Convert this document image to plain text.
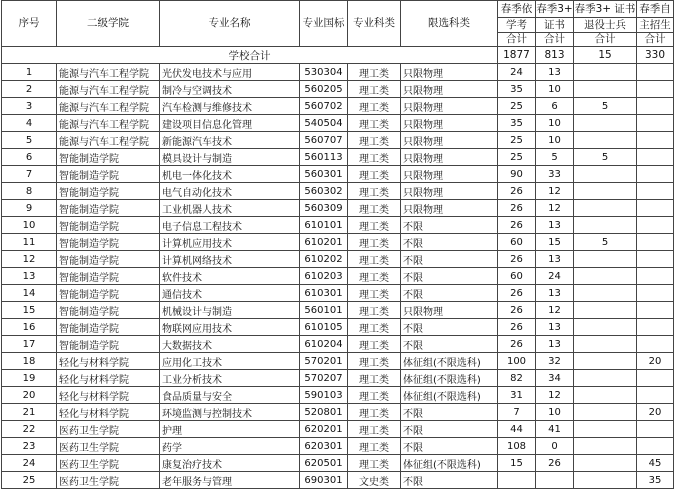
序号	二级学院	专业名称	专业国标	专业科类	限选科类	春季依	春季3+	春季3+ 证书	春季自
						学考	证书	退役士兵	主招生
						合计	合计	合计	合计
学校合计						1877	813	15	330
1	能源与汽车工程学院	光伏发电技术与应用	530304	理工类	只限物理	24	13		
2	能源与汽车工程学院	制冷与空调技术	560205	理工类	只限物理	35	10		
3	能源与汽车工程学院	汽车检测与维修技术	560702	理工类	只限物理	25	6	5	
4	能源与汽车工程学院	建设项目信息化管理	540504	理工类	只限物理	35	10		
5	能源与汽车工程学院	新能源汽车技术	560707	理工类	只限物理	25	10		
6	智能制造学院	模具设计与制造	560113	理工类	只限物理	25	5	5	
7	智能制造学院	机电一体化技术	560301	理工类	只限物理	90	33		
8	智能制造学院	电气自动化技术	560302	理工类	只限物理	26	12		
9	智能制造学院	工业机器人技术	560309	理工类	只限物理	26	12		
10	智能制造学院	电子信息工程技术	610101	理工类	不限	26	13		
11	智能制造学院	计算机应用技术	610201	理工类	不限	60	15	5	
12	智能制造学院	计算机网络技术	610202	理工类	不限	26	13		
13	智能制造学院	软件技术	610203	理工类	不限	60	24		
14	智能制造学院	通信技术	610301	理工类	不限	26	13		
15	智能制造学院	机械设计与制造	560101	理工类	只限物理	26	12		
16	智能制造学院	物联网应用技术	610105	理工类	不限	26	13		
17	智能制造学院	大数据技术	610204	理工类	不限	26	13		
18	轻化与材料学院	应用化工技术	570201	理工类	体征组(不限选科)	100	32		20
19	轻化与材料学院	工业分析技术	570207	理工类	体征组(不限选科)	82	34		
20	轻化与材料学院	食品质量与安全	590103	理工类	体征组(不限选科)	31	12		
21	轻化与材料学院	环境监测与控制技术	520801	理工类	不限	7	10		20
22	医药卫生学院	护理	620201	理工类	不限	44	41		
23	医药卫生学院	药学	620301	理工类	不限	108	0		
24	医药卫生学院	康复治疗技术	620501	理工类	体征组(不限选科)	15	26		45
25	医药卫生学院	老年服务与管理	690301	文史类	不限				35
